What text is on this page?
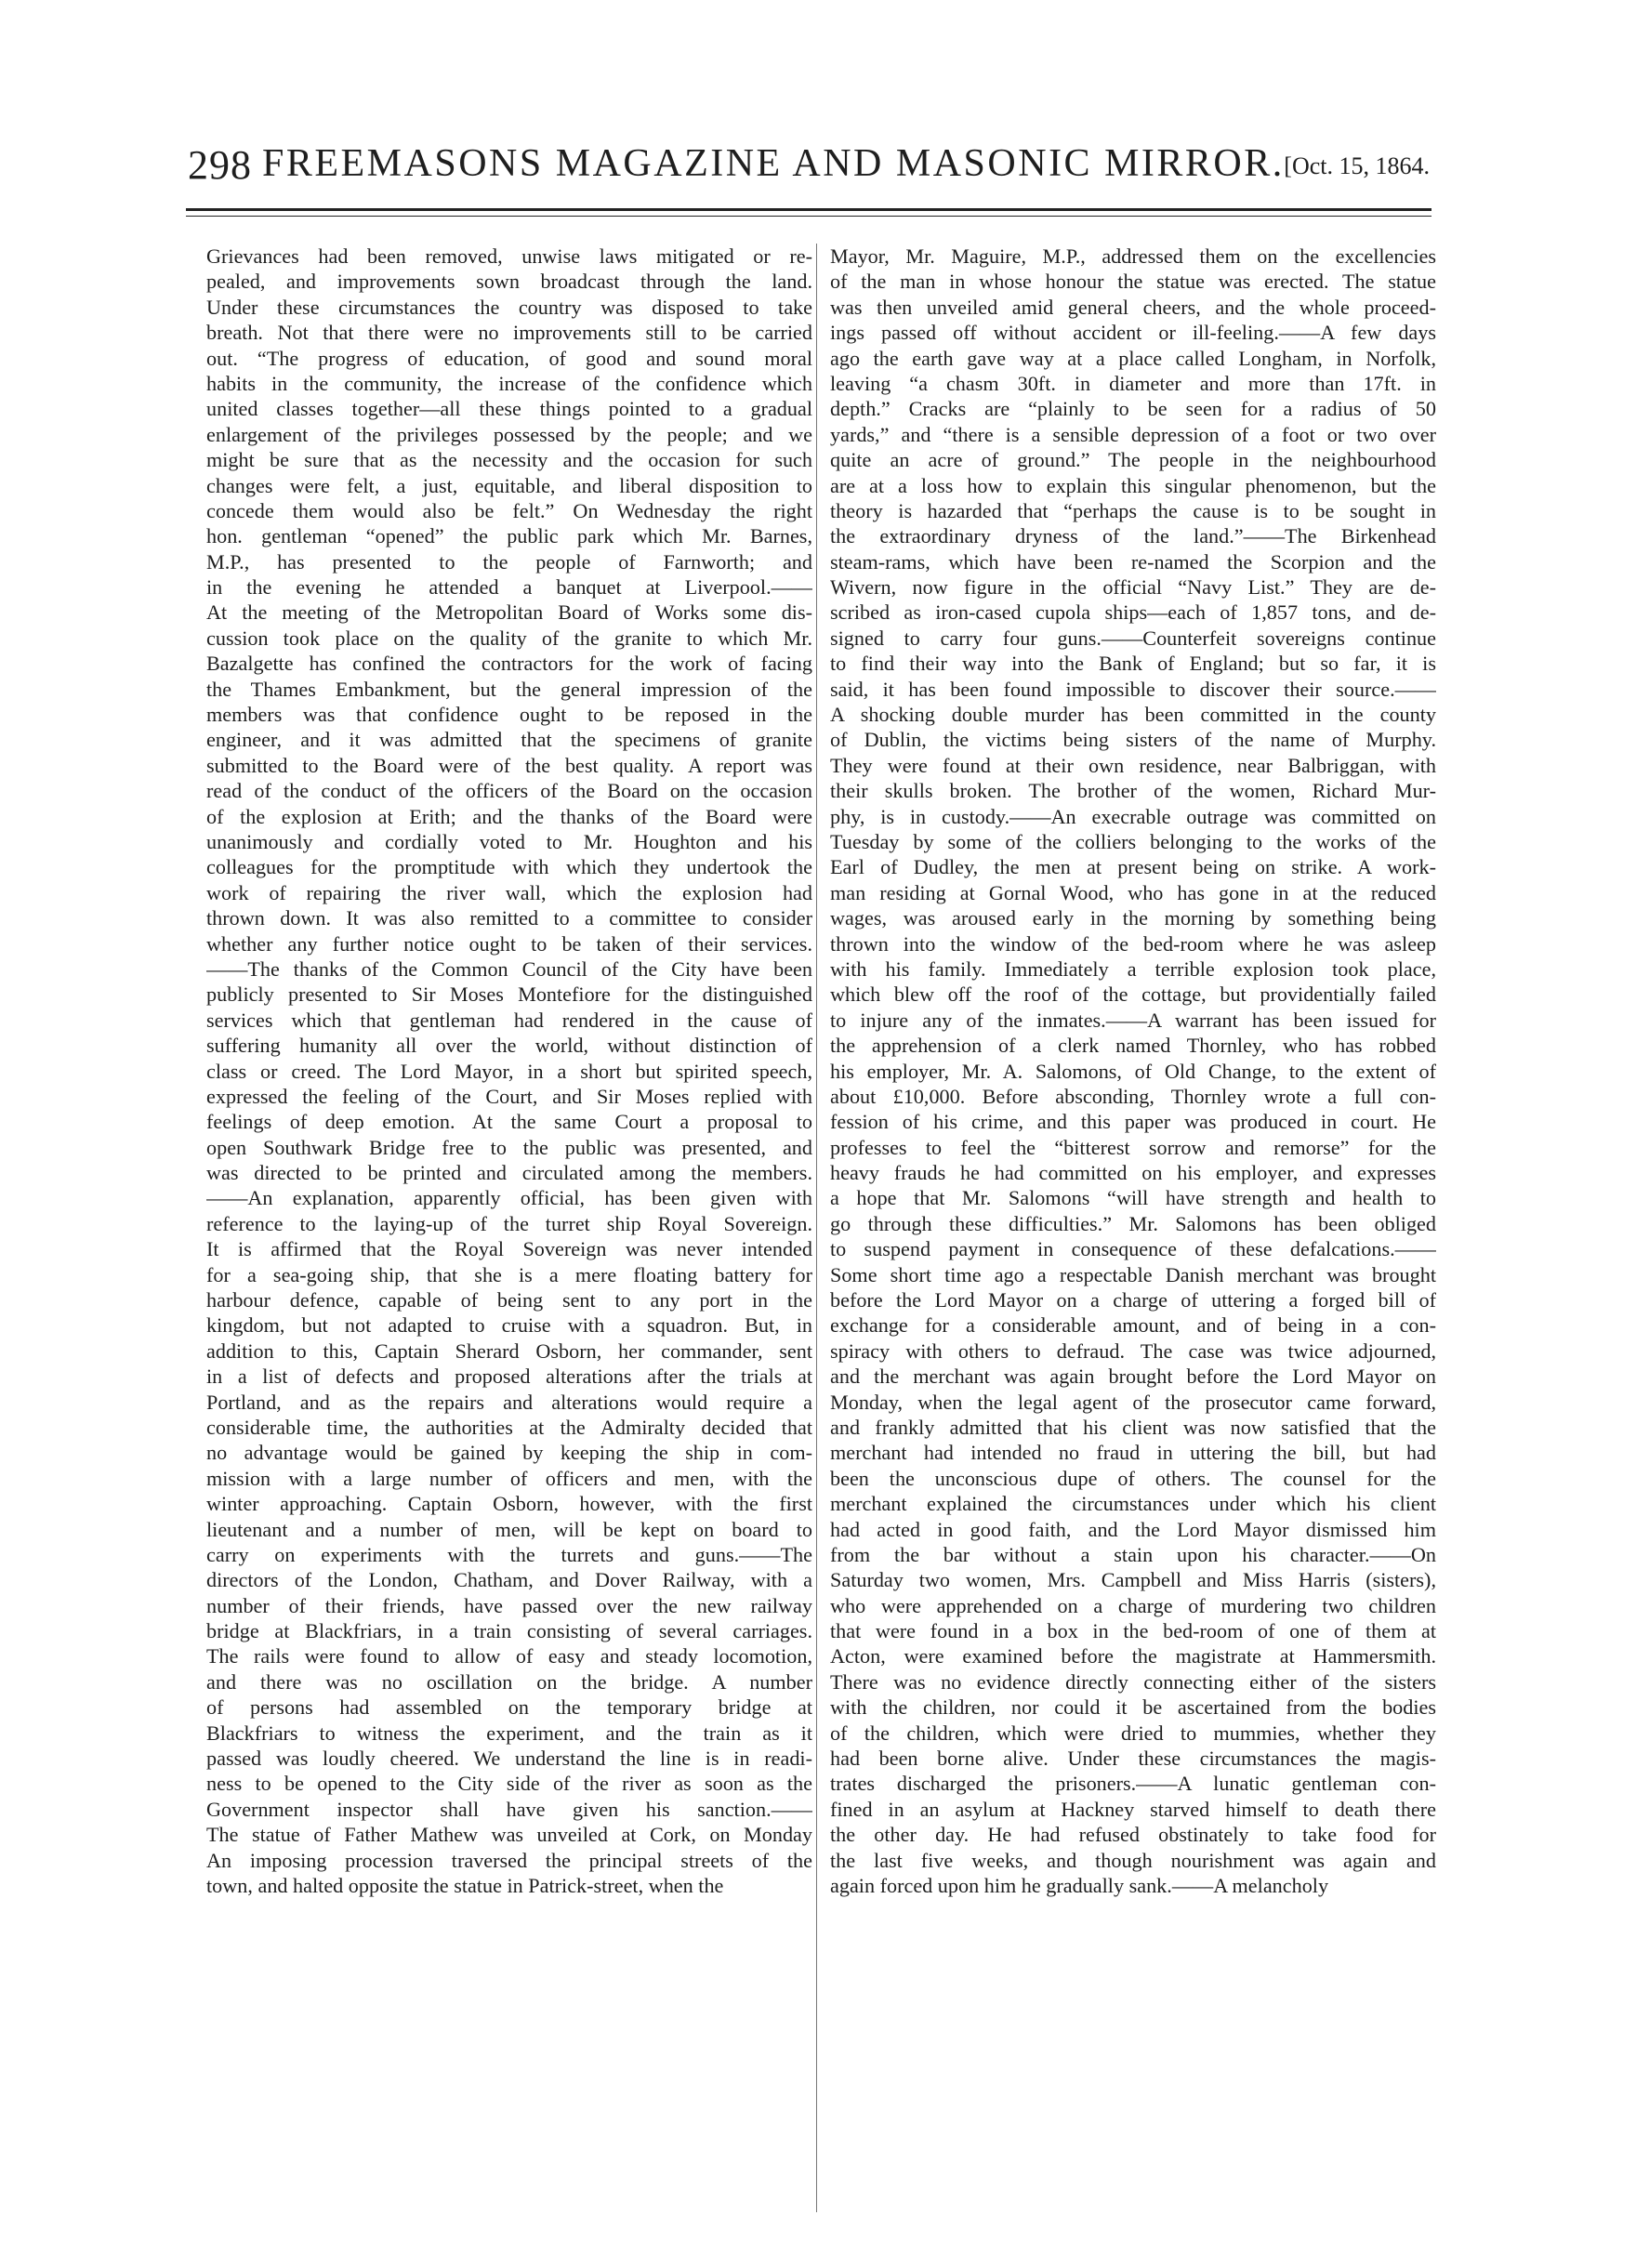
298 FREEMASONS MAGAZINE AND MASONIC MIRROR. [Oct. 15, 1864.
Grievances had been removed, unwise laws mitigated or re-
pealed, and improvements sown broadcast through the land.
Under these circumstances the country was disposed to take
breath. Not that there were no improvements still to be carried
out. “The progress of education, of good and sound moral
habits in the community, the increase of the confidence which
united classes together—all these things pointed to a gradual
enlargement of the privileges possessed by the people; and we
might be sure that as the necessity and the occasion for such
changes were felt, a just, equitable, and liberal disposition to
concede them would also be felt.” On Wednesday the right
hon. gentleman “opened” the public park which Mr. Barnes,
M.P., has presented to the people of Farnworth; and
in the evening he attended a banquet at Liverpool.——
At the meeting of the Metropolitan Board of Works some dis-
cussion took place on the quality of the granite to which Mr.
Bazalgette has confined the contractors for the work of facing
the Thames Embankment, but the general impression of the
members was that confidence ought to be reposed in the
engineer, and it was admitted that the specimens of granite
submitted to the Board were of the best quality. A report was
read of the conduct of the officers of the Board on the occasion
of the explosion at Erith; and the thanks of the Board were
unanimously and cordially voted to Mr. Houghton and his
colleagues for the promptitude with which they undertook the
work of repairing the river wall, which the explosion had
thrown down. It was also remitted to a committee to consider
whether any further notice ought to be taken of their services.
——The thanks of the Common Council of the City have been
publicly presented to Sir Moses Montefiore for the distinguished
services which that gentleman had rendered in the cause of
suffering humanity all over the world, without distinction of
class or creed. The Lord Mayor, in a short but spirited speech,
expressed the feeling of the Court, and Sir Moses replied with
feelings of deep emotion. At the same Court a proposal to
open Southwark Bridge free to the public was presented, and
was directed to be printed and circulated among the members.
——An explanation, apparently official, has been given with
reference to the laying-up of the turret ship Royal Sovereign.
It is affirmed that the Royal Sovereign was never intended
for a sea-going ship, that she is a mere floating battery for
harbour defence, capable of being sent to any port in the
kingdom, but not adapted to cruise with a squadron. But, in
addition to this, Captain Sherard Osborn, her commander, sent
in a list of defects and proposed alterations after the trials at
Portland, and as the repairs and alterations would require a
considerable time, the authorities at the Admiralty decided that
no advantage would be gained by keeping the ship in com-
mission with a large number of officers and men, with the
winter approaching. Captain Osborn, however, with the first
lieutenant and a number of men, will be kept on board to
carry on experiments with the turrets and guns.——The
directors of the London, Chatham, and Dover Railway, with a
number of their friends, have passed over the new railway
bridge at Blackfriars, in a train consisting of several carriages.
The rails were found to allow of easy and steady locomotion,
and there was no oscillation on the bridge. A number
of persons had assembled on the temporary bridge at
Blackfriars to witness the experiment, and the train as it
passed was loudly cheered. We understand the line is in readi-
ness to be opened to the City side of the river as soon as the
Government inspector shall have given his sanction.——
The statue of Father Mathew was unveiled at Cork, on Monday
An imposing procession traversed the principal streets of the
town, and halted opposite the statue in Patrick-street, when the
Mayor, Mr. Maguire, M.P., addressed them on the excellencies
of the man in whose honour the statue was erected. The statue
was then unveiled amid general cheers, and the whole proceed-
ings passed off without accident or ill-feeling.——A few days
ago the earth gave way at a place called Longham, in Norfolk,
leaving “a chasm 30ft. in diameter and more than 17ft. in
depth.” Cracks are “plainly to be seen for a radius of 50
yards,” and “there is a sensible depression of a foot or two over
quite an acre of ground.” The people in the neighbourhood
are at a loss how to explain this singular phenomenon, but the
theory is hazarded that “perhaps the cause is to be sought in
the extraordinary dryness of the land.”——The Birkenhead
steam-rams, which have been re-named the Scorpion and the
Wivern, now figure in the official “Navy List.” They are de-
scribed as iron-cased cupola ships—each of 1,857 tons, and de-
signed to carry four guns.——Counterfeit sovereigns continue
to find their way into the Bank of England; but so far, it is
said, it has been found impossible to discover their source.——
A shocking double murder has been committed in the county
of Dublin, the victims being sisters of the name of Murphy.
They were found at their own residence, near Balbriggan, with
their skulls broken. The brother of the women, Richard Mur-
phy, is in custody.——An execrable outrage was committed on
Tuesday by some of the colliers belonging to the works of the
Earl of Dudley, the men at present being on strike. A work-
man residing at Gornal Wood, who has gone in at the reduced
wages, was aroused early in the morning by something being
thrown into the window of the bed-room where he was asleep
with his family. Immediately a terrible explosion took place,
which blew off the roof of the cottage, but providentially failed
to injure any of the inmates.——A warrant has been issued for
the apprehension of a clerk named Thornley, who has robbed
his employer, Mr. A. Salomons, of Old Change, to the extent of
about £10,000. Before absconding, Thornley wrote a full con-
fession of his crime, and this paper was produced in court. He
professes to feel the “bitterest sorrow and remorse” for the
heavy frauds he had committed on his employer, and expresses
a hope that Mr. Salomons “will have strength and health to
go through these difficulties.” Mr. Salomons has been obliged
to suspend payment in consequence of these defalcations.——
Some short time ago a respectable Danish merchant was brought
before the Lord Mayor on a charge of uttering a forged bill of
exchange for a considerable amount, and of being in a con-
spiracy with others to defraud. The case was twice adjourned,
and the merchant was again brought before the Lord Mayor on
Monday, when the legal agent of the prosecutor came forward,
and frankly admitted that his client was now satisfied that the
merchant had intended no fraud in uttering the bill, but had
been the unconscious dupe of others. The counsel for the
merchant explained the circumstances under which his client
had acted in good faith, and the Lord Mayor dismissed him
from the bar without a stain upon his character.——On
Saturday two women, Mrs. Campbell and Miss Harris (sisters),
who were apprehended on a charge of murdering two children
that were found in a box in the bed-room of one of them at
Acton, were examined before the magistrate at Hammersmith.
There was no evidence directly connecting either of the sisters
with the children, nor could it be ascertained from the bodies
of the children, which were dried to mummies, whether they
had been borne alive. Under these circumstances the magis-
trates discharged the prisoners.——A lunatic gentleman con-
fined in an asylum at Hackney starved himself to death there
the other day. He had refused obstinately to take food for
the last five weeks, and though nourishment was again and
again forced upon him he gradually sank.——A melancholy
